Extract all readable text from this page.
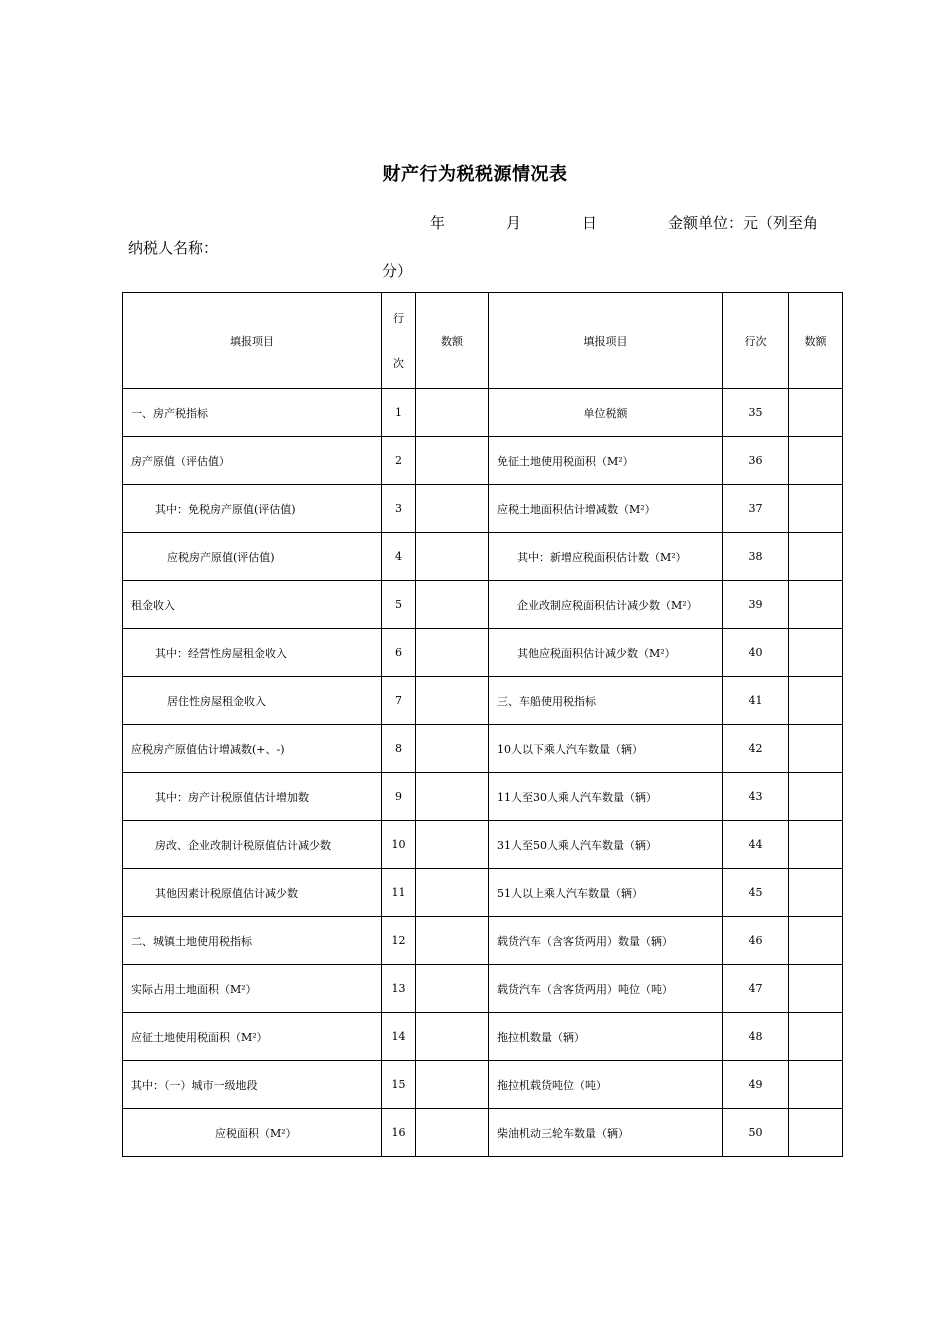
财产行为税税源情况表
年	月	日	金额单位：元（列至角
纳税人名称：
分）
填报项目	行次	数额	填报项目	行次	数额
一、房产税指标	1		单位税额	35	
房产原值（评估值）	2		免征土地使用税面积（M²）	36	
其中：免税房产原值(评估值)	3		应税土地面积估计增减数（M²）	37	
应税房产原值(评估值)	4		其中：新增应税面积估计数（M²）	38	
租金收入	5		企业改制应税面积估计减少数（M²）	39	
其中：经营性房屋租金收入	6		其他应税面积估计减少数（M²）	40	
居住性房屋租金收入	7		三、车船使用税指标	41	
应税房产原值估计增减数(+、-)	8		10人以下乘人汽车数量（辆）	42	
其中：房产计税原值估计增加数	9		11人至30人乘人汽车数量（辆）	43	
房改、企业改制计税原值估计减少数	10		31人至50人乘人汽车数量（辆）	44	
其他因素计税原值估计减少数	11		51人以上乘人汽车数量（辆）	45	
二、城镇土地使用税指标	12		载货汽车（含客货两用）数量（辆）	46	
实际占用土地面积（M²）	13		载货汽车（含客货两用）吨位（吨）	47	
应征土地使用税面积（M²）	14		拖拉机数量（辆）	48	
其中：（一）城市一级地段	15		拖拉机载货吨位（吨）	49	
应税面积（M²）	16		柴油机动三轮车数量（辆）	50	
